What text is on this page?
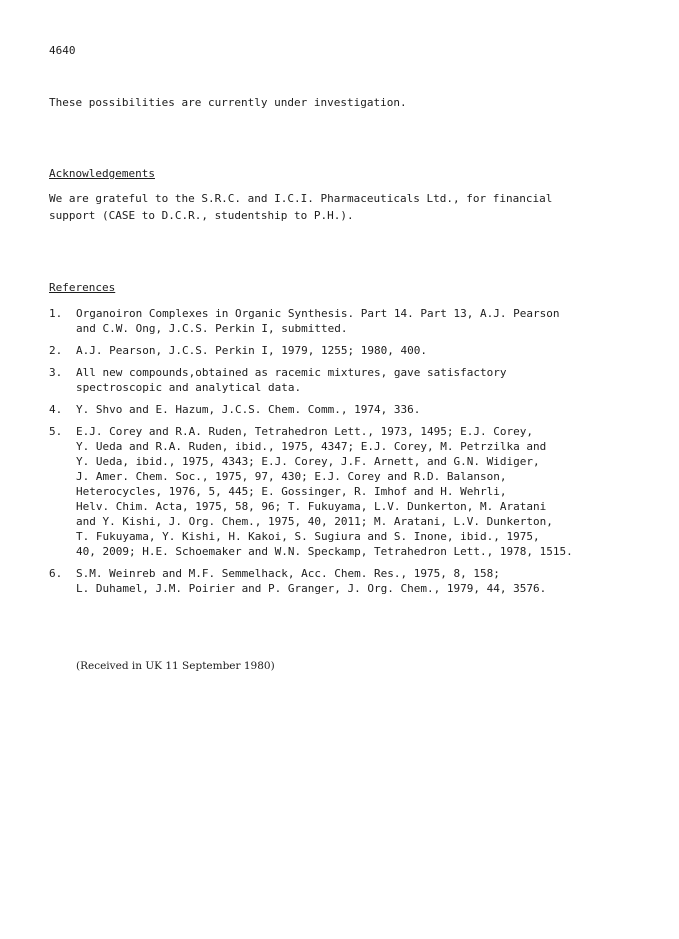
4640
These possibilities are currently under investigation.
Acknowledgements

We are grateful to the S.R.C. and I.C.I. Pharmaceuticals Ltd., for financial

support (CASE to D.C.R., studentship to P.H.).

References
1. Organoiron Complexes in Organic Synthesis. Part 14. Part 13, A.J. Pearson
and C.W. Ong, J.C.S. Perkin I, submitted.
2. A.J. Pearson, J.C.S. Perkin I, 1979, 1255; 1980, 400.
3. All new compounds,obtained as racemic mixtures, gave satisfactory
spectroscopic and analytical data.
4. Y. Shvo and E. Hazum, J.C.S. Chem. Comm., 1974, 336.
5. E.J. Corey and R.A. Ruden, Tetrahedron Lett., 1973, 1495; E.J. Corey,
Y. Ueda and R.A. Ruden, ibid., 1975, 4347; E.J. Corey, M. Petrzilka and
Y. Ueda, ibid., 1975, 4343; E.J. Corey, J.F. Arnett, and G.N. Widiger,
J. Amer. Chem. Soc., 1975, 97, 430; E.J. Corey and R.D. Balanson,
Heterocycles, 1976, 5, 445; E. Gossinger, R. Imhof and H. Wehrli,
Helv. Chim. Acta, 1975, 58, 96; T. Fukuyama, L.V. Dunkerton, M. Aratani
and Y. Kishi, J. Org. Chem., 1975, 40, 2011; M. Aratani, L.V. Dunkerton,
T. Fukuyama, Y. Kishi, H. Kakoi, S. Sugiura and S. Inone, ibid., 1975,
40, 2009; H.E. Schoemaker and W.N. Speckamp, Tetrahedron Lett., 1978, 1515.
6. S.M. Weinreb and M.F. Semmelhack, Acc. Chem. Res., 1975, 8, 158;
L. Duhamel, J.M. Poirier and P. Granger, J. Org. Chem., 1979, 44, 3576.
(Received in UK 11 September 1980)
